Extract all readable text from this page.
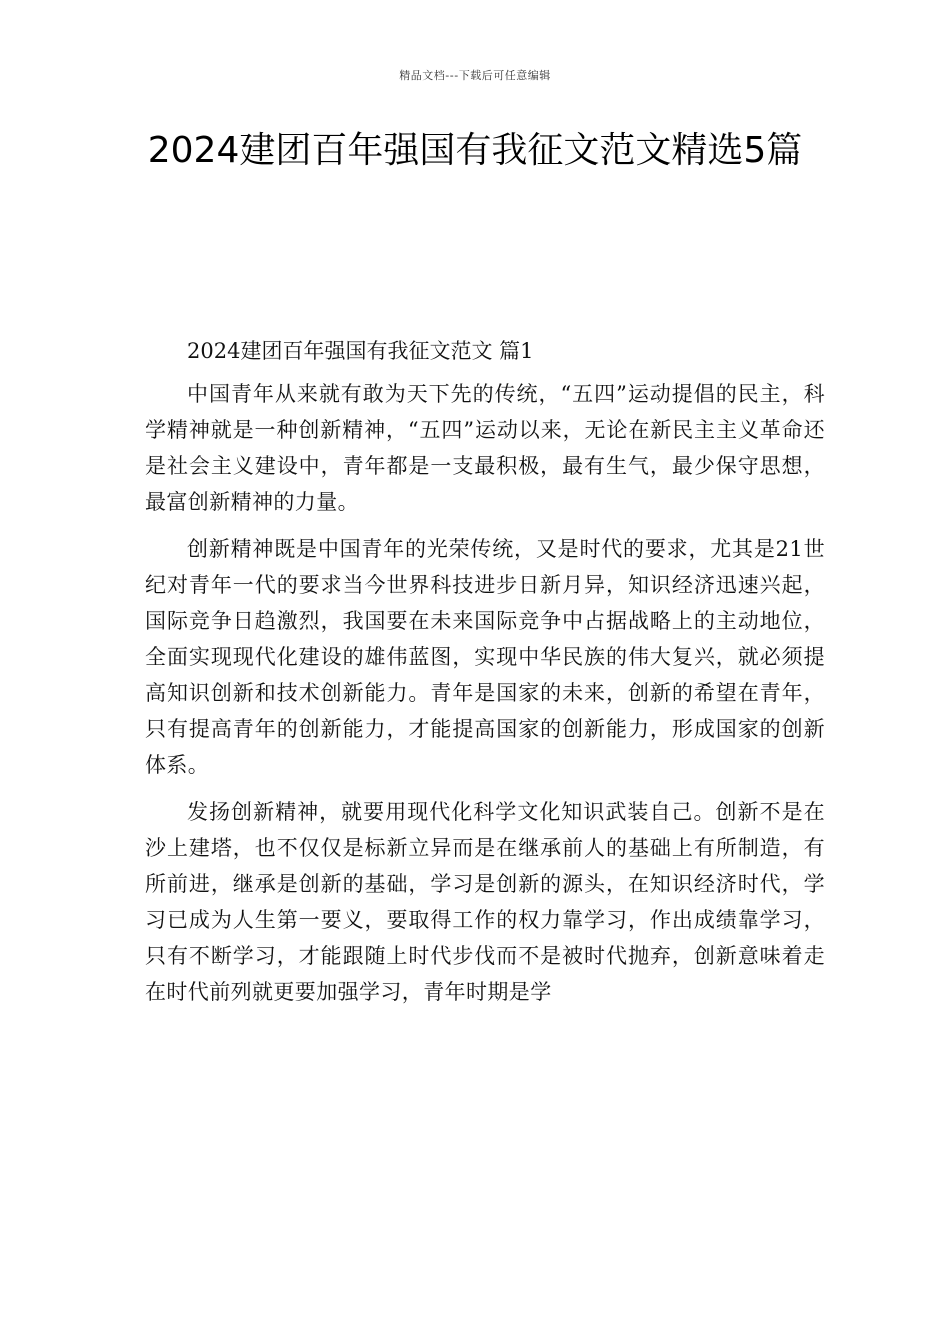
精品文档---下载后可任意编辑
2024建团百年强国有我征文范文精选5篇

2024建团百年强国有我征文范文 篇1

中国青年从来就有敢为天下先的传统，“五四”运动提倡的民主，科学精神就是一种创新精神，“五四”运动以来，无论在新民主主义革命还是社会主义建设中，青年都是一支最积极，最有生气，最少保守思想，最富创新精神的力量。

创新精神既是中国青年的光荣传统，又是时代的要求，尤其是21世纪对青年一代的要求当今世界科技进步日新月异，知识经济迅速兴起，国际竞争日趋激烈，我国要在未来国际竞争中占据战略上的主动地位，全面实现现代化建设的雄伟蓝图，实现中华民族的伟大复兴，就必须提高知识创新和技术创新能力。青年是国家的未来，创新的希望在青年，只有提高青年的创新能力，才能提高国家的创新能力，形成国家的创新体系。

发扬创新精神，就要用现代化科学文化知识武装自己。创新不是在沙上建塔，也不仅仅是标新立异而是在继承前人的基础上有所制造，有所前进，继承是创新的基础，学习是创新的源头，在知识经济时代，学习已成为人生第一要义，要取得工作的权力靠学习，作出成绩靠学习，只有不断学习，才能跟随上时代步伐而不是被时代抛弃，创新意味着走在时代前列就更要加强学习，青年时期是学
